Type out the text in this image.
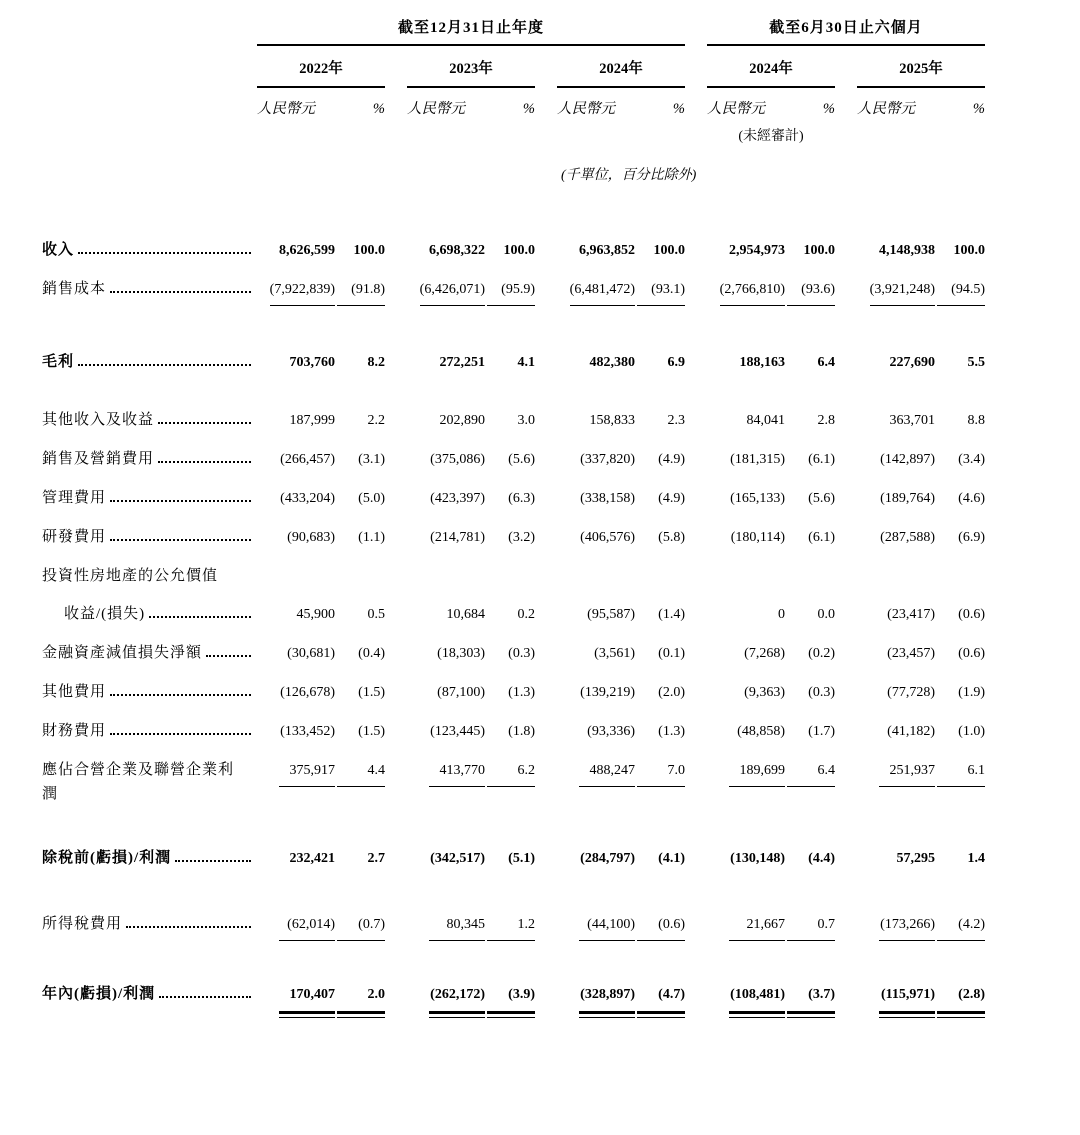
截至12月31日止年度	截至6月30日止六個月
2022年	2023年	2024年	2024年	2025年
人民幣元	% 人民幣元	% 人民幣元	% 人民幣元	% 人民幣元	%
(未經審計)
(千單位，百分比除外)
收入	8,626,599	100.0	6,698,322	100.0	6,963,852	100.0	2,954,973	100.0	4,148,938	100.0
銷售成本	(7,922,839)	(91.8)	(6,426,071)	(95.9)	(6,481,472)	(93.1)	(2,766,810)	(93.6)	(3,921,248)	(94.5)
毛利	703,760	8.2	272,251	4.1	482,380	6.9	188,163	6.4	227,690	5.5
其他收入及收益	187,999	2.2	202,890	3.0	158,833	2.3	84,041	2.8	363,701	8.8
銷售及營銷費用	(266,457)	(3.1)	(375,086)	(5.6)	(337,820)	(4.9)	(181,315)	(6.1)	(142,897)	(3.4)
管理費用	(433,204)	(5.0)	(423,397)	(6.3)	(338,158)	(4.9)	(165,133)	(5.6)	(189,764)	(4.6)
研發費用	(90,683)	(1.1)	(214,781)	(3.2)	(406,576)	(5.8)	(180,114)	(6.1)	(287,588)	(6.9)
投資性房地產的公允價值
收益/(損失)	45,900	0.5	10,684	0.2	(95,587)	(1.4)	0	0.0	(23,417)	(0.6)
金融資產減值損失淨額	(30,681)	(0.4)	(18,303)	(0.3)	(3,561)	(0.1)	(7,268)	(0.2)	(23,457)	(0.6)
其他費用	(126,678)	(1.5)	(87,100)	(1.3)	(139,219)	(2.0)	(9,363)	(0.3)	(77,728)	(1.9)
財務費用	(133,452)	(1.5)	(123,445)	(1.8)	(93,336)	(1.3)	(48,858)	(1.7)	(41,182)	(1.0)
應佔合營企業及聯營企業利潤
375,917	4.4	413,770	6.2	488,247	7.0	189,699	6.4	251,937	6.1
除稅前(虧損)/利潤	232,421	2.7	(342,517)	(5.1)	(284,797)	(4.1)	(130,148)	(4.4)	57,295	1.4
所得稅費用	(62,014)	(0.7)	80,345	1.2	(44,100)	(0.6)	21,667	0.7	(173,266)	(4.2)
年內(虧損)/利潤	170,407	2.0	(262,172)	(3.9)	(328,897)	(4.7)	(108,481)	(3.7)	(115,971)	(2.8)
